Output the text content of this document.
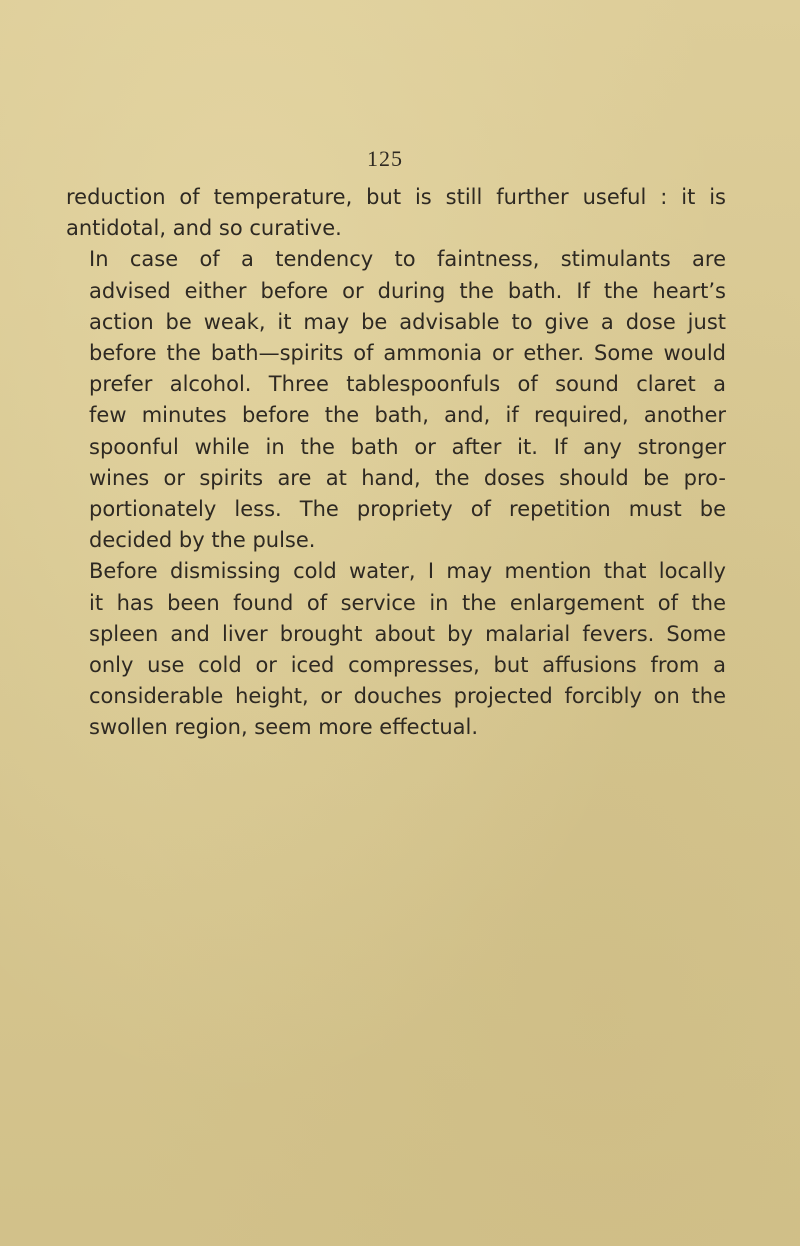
125

reduction of temperature, but is still further useful : it is
antidotal, and so curative.

In case of a tendency to faintness, stimulants are
advised either before or during the bath. If the heart’s
action be weak, it may be advisable to give a dose just
before the bath—spirits of ammonia or ether. Some would
prefer alcohol. Three tablespoonfuls of sound claret a
few minutes before the bath, and, if required, another
spoonful while in the bath or after it. If any stronger
wines or spirits are at hand, the doses should be pro-
portionately less. The propriety of repetition must be
decided by the pulse.

Before dismissing cold water, I may mention that locally
it has been found of service in the enlargement of the
spleen and liver brought about by malarial fevers. Some
only use cold or iced compresses, but affusions from a
considerable height, or douches projected forcibly on the
swollen region, seem more effectual.
